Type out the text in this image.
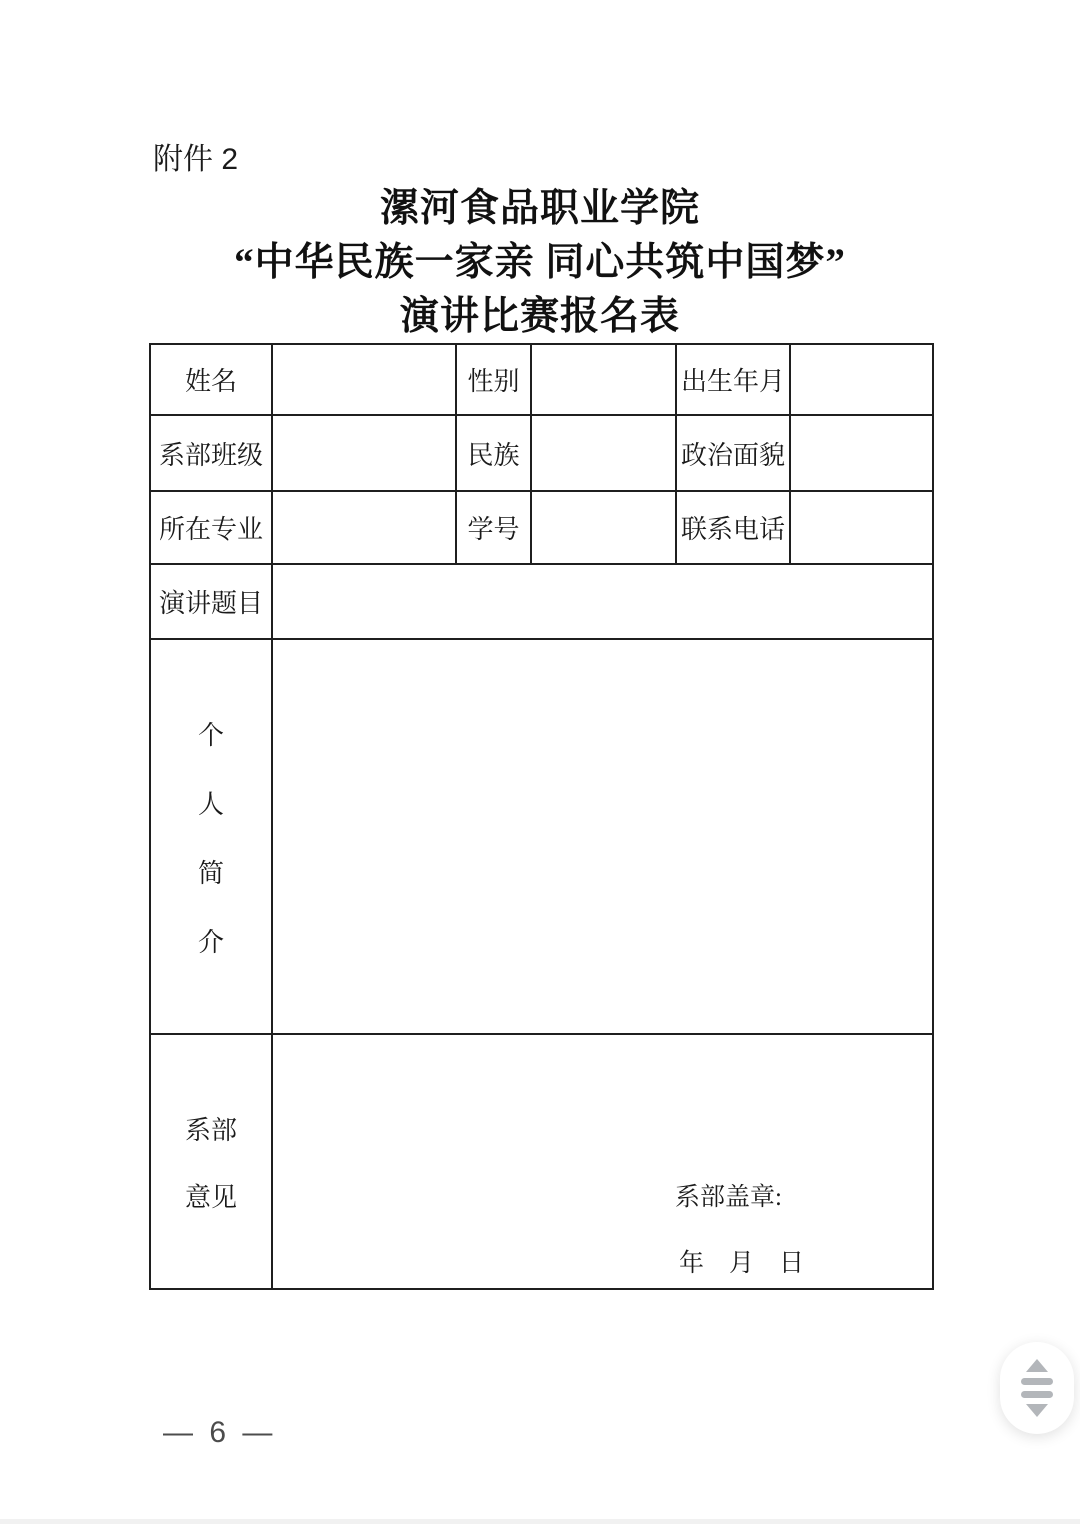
附件 2
漯河食品职业学院
“中华民族一家亲 同心共筑中国梦”
演讲比赛报名表
姓名		性别		出生年月	
系部班级		民族		政治面貌	
所在专业		学号		联系电话	
演讲题目					

个
人
简
介					

系部
意见	系部盖章:
年    月    日
— 6 —
